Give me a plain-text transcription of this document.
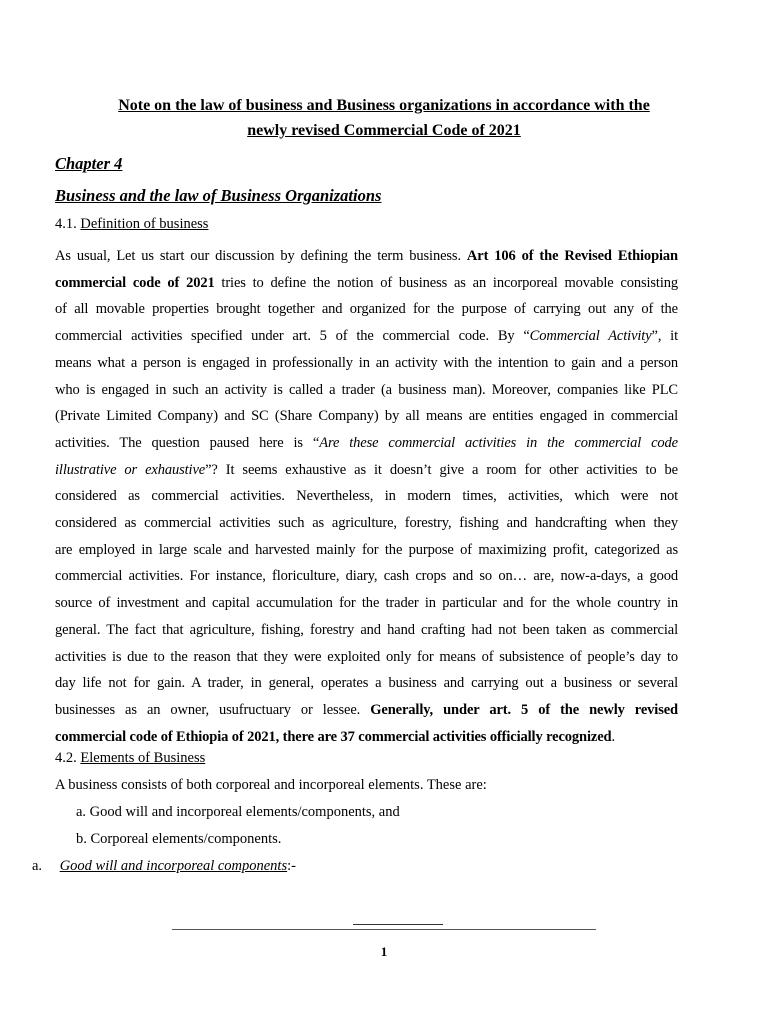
Note on the law of business and Business organizations in accordance with the
newly revised Commercial Code of 2021
Chapter 4
Business and the law of Business Organizations
4.1. Definition of business
As usual, Let us start our discussion by defining the term business. Art 106 of the Revised Ethiopian
commercial code of 2021 tries to define the notion of business as an incorporeal movable consisting
of all movable properties brought together and organized for the purpose of carrying out any of the
commercial activities specified under art. 5 of the commercial code. By “Commercial Activity”, it
means what a person is engaged in professionally in an activity with the intention to gain and a person
who is engaged in such an activity is called a trader (a business man). Moreover, companies like PLC
(Private Limited Company) and SC (Share Company) by all means are entities engaged in commercial
activities. The question paused here is “Are these commercial activities in the commercial code
illustrative or exhaustive”? It seems exhaustive as it doesn’t give a room for other activities to be
considered as commercial activities. Nevertheless, in modern times, activities, which were not
considered as commercial activities such as agriculture, forestry, fishing and handcrafting when they
are employed in large scale and harvested mainly for the purpose of maximizing profit, categorized as
commercial activities. For instance, floriculture, diary, cash crops and so on… are, now-a-days, a good
source of investment and capital accumulation for the trader in particular and for the whole country in
general. The fact that agriculture, fishing, forestry and hand crafting had not been taken as commercial
activities is due to the reason that they were exploited only for means of subsistence of people’s day to
day life not for gain. A trader, in general, operates a business and carrying out a business or several
businesses as an owner, usufructuary or lessee. Generally, under art. 5 of the newly revised
commercial code of Ethiopia of 2021, there are 37 commercial activities officially recognized.
4.2. Elements of Business
A business consists of both corporeal and incorporeal elements. These are:
a. Good will and incorporeal elements/components, and
b. Corporeal elements/components.
a. Good will and incorporeal components:-
1
